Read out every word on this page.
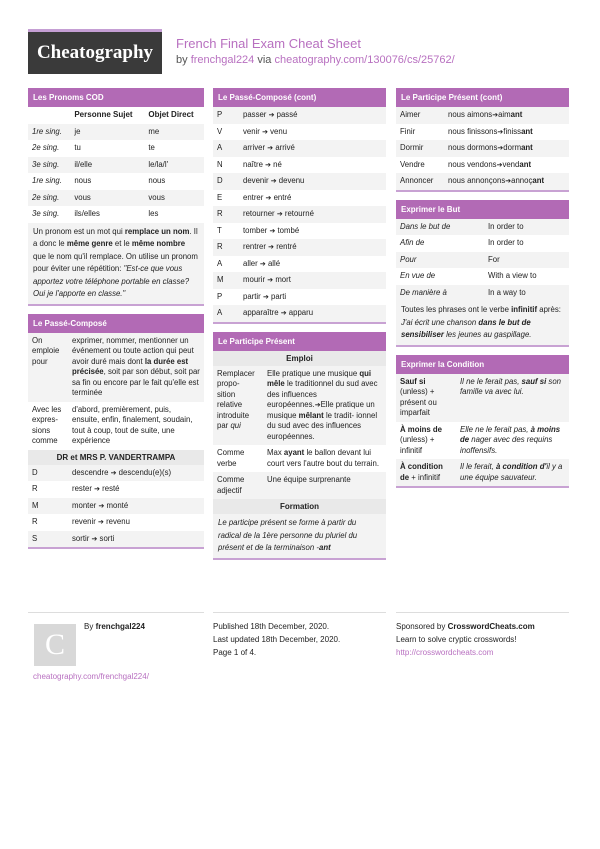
Cheatography	French Final Exam Cheat Sheet
by frenchgal224 via cheatography.com/130076/cs/25762/
Les Pronoms COD
	Personne Sujet	Objet Direct
1re sing.	je	me
2e sing.	tu	te
3e sing.	il/elle	le/la/l'
1re sing.	nous	nous
2e sing.	vous	vous
3e sing.	ils/elles	les
Un pronom est un mot qui remplace un nom. Il a donc le même genre et le même nombre que le nom qu'il remplace. On utilise un pronom pour éviter une répétition: "Est-ce que vous apportez votre téléphone portable en classe? Oui je l'apporte en classe."
Le Passé-Composé
On emploie pour	exprimer, nommer, mentionner un événement ou toute action qui peut avoir duré mais dont la durée est précisée, soit par son début, soit par sa fin ou encore par le fait qu'elle est terminée
Avec les expres- sions comme	d'abord, premièrement, puis, ensuite, enfin, finalement, soudain, tout à coup, tout de suite, une expérience
DR et MRS P. VANDERTRAMPA
D	descendre ➔ descendu(e)(s)
R	rester ➔ resté
M	monter ➔ monté
R	revenir ➔ revenu
S	sortir ➔ sorti
Le Passé-Composé (cont)
P	passer ➔ passé
V	venir ➔ venu
A	arriver ➔ arrivé
N	naître ➔ né
D	devenir ➔ devenu
E	entrer ➔ entré
R	retourner ➔ retourné
T	tomber ➔ tombé
R	rentrer ➔ rentré
A	aller ➔ allé
M	mourir ➔ mort
P	partir ➔ parti
A	apparaître ➔ apparu
Le Participe Présent
Emploi
Remplacer propo- sition relative introduite par qui	Elle pratique une musique qui mêle le traditionnel du sud avec des influences européennes.➔Elle pratique un musique mêlant le tradit- ionnel du sud avec des influences européennes.
Comme verbe	Max ayant le ballon devant lui court vers l'autre bout du terrain.
Comme adjectif	Une équipe surprenante
Formation
Le participe présent se forme à partir du radical de la 1ère personne du pluriel du présent et de la terminaison -ant
Le Participe Présent (cont)
Aimer	nous aimons➔aimant
Finir	nous finissons➔finissant
Dormir	nous dormons➔dormant
Vendre	nous vendons➔vendant
Annoncer	nous annonçons➔annoçant
Exprimer le But
Dans le but de	In order to
Afin de	In order to
Pour	For
En vue de	With a view to
De manière à	In a way to
Toutes les phrases ont le verbe infinitif après: J'ai écrit une chanson dans le but de sensibiliser les jeunes au gaspillage.
Exprimer la Condition
Sauf si (unless) + présent ou imparfait	Il ne le ferait pas, sauf si son famille va avec lui.
À moins de (unless) + infinitif	Elle ne le ferait pas, à moins de nager avec des requins inoffensifs.
À condition de + infinitif	Il le ferait, à condition d'il y a une équipe sauvateur.
C
By frenchgal224
cheatography.com/frenchgal224/
Published 18th December, 2020.
Last updated 18th December, 2020.
Page 1 of 4.
Sponsored by CrosswordCheats.com
Learn to solve cryptic crosswords!
http://crosswordcheats.com
